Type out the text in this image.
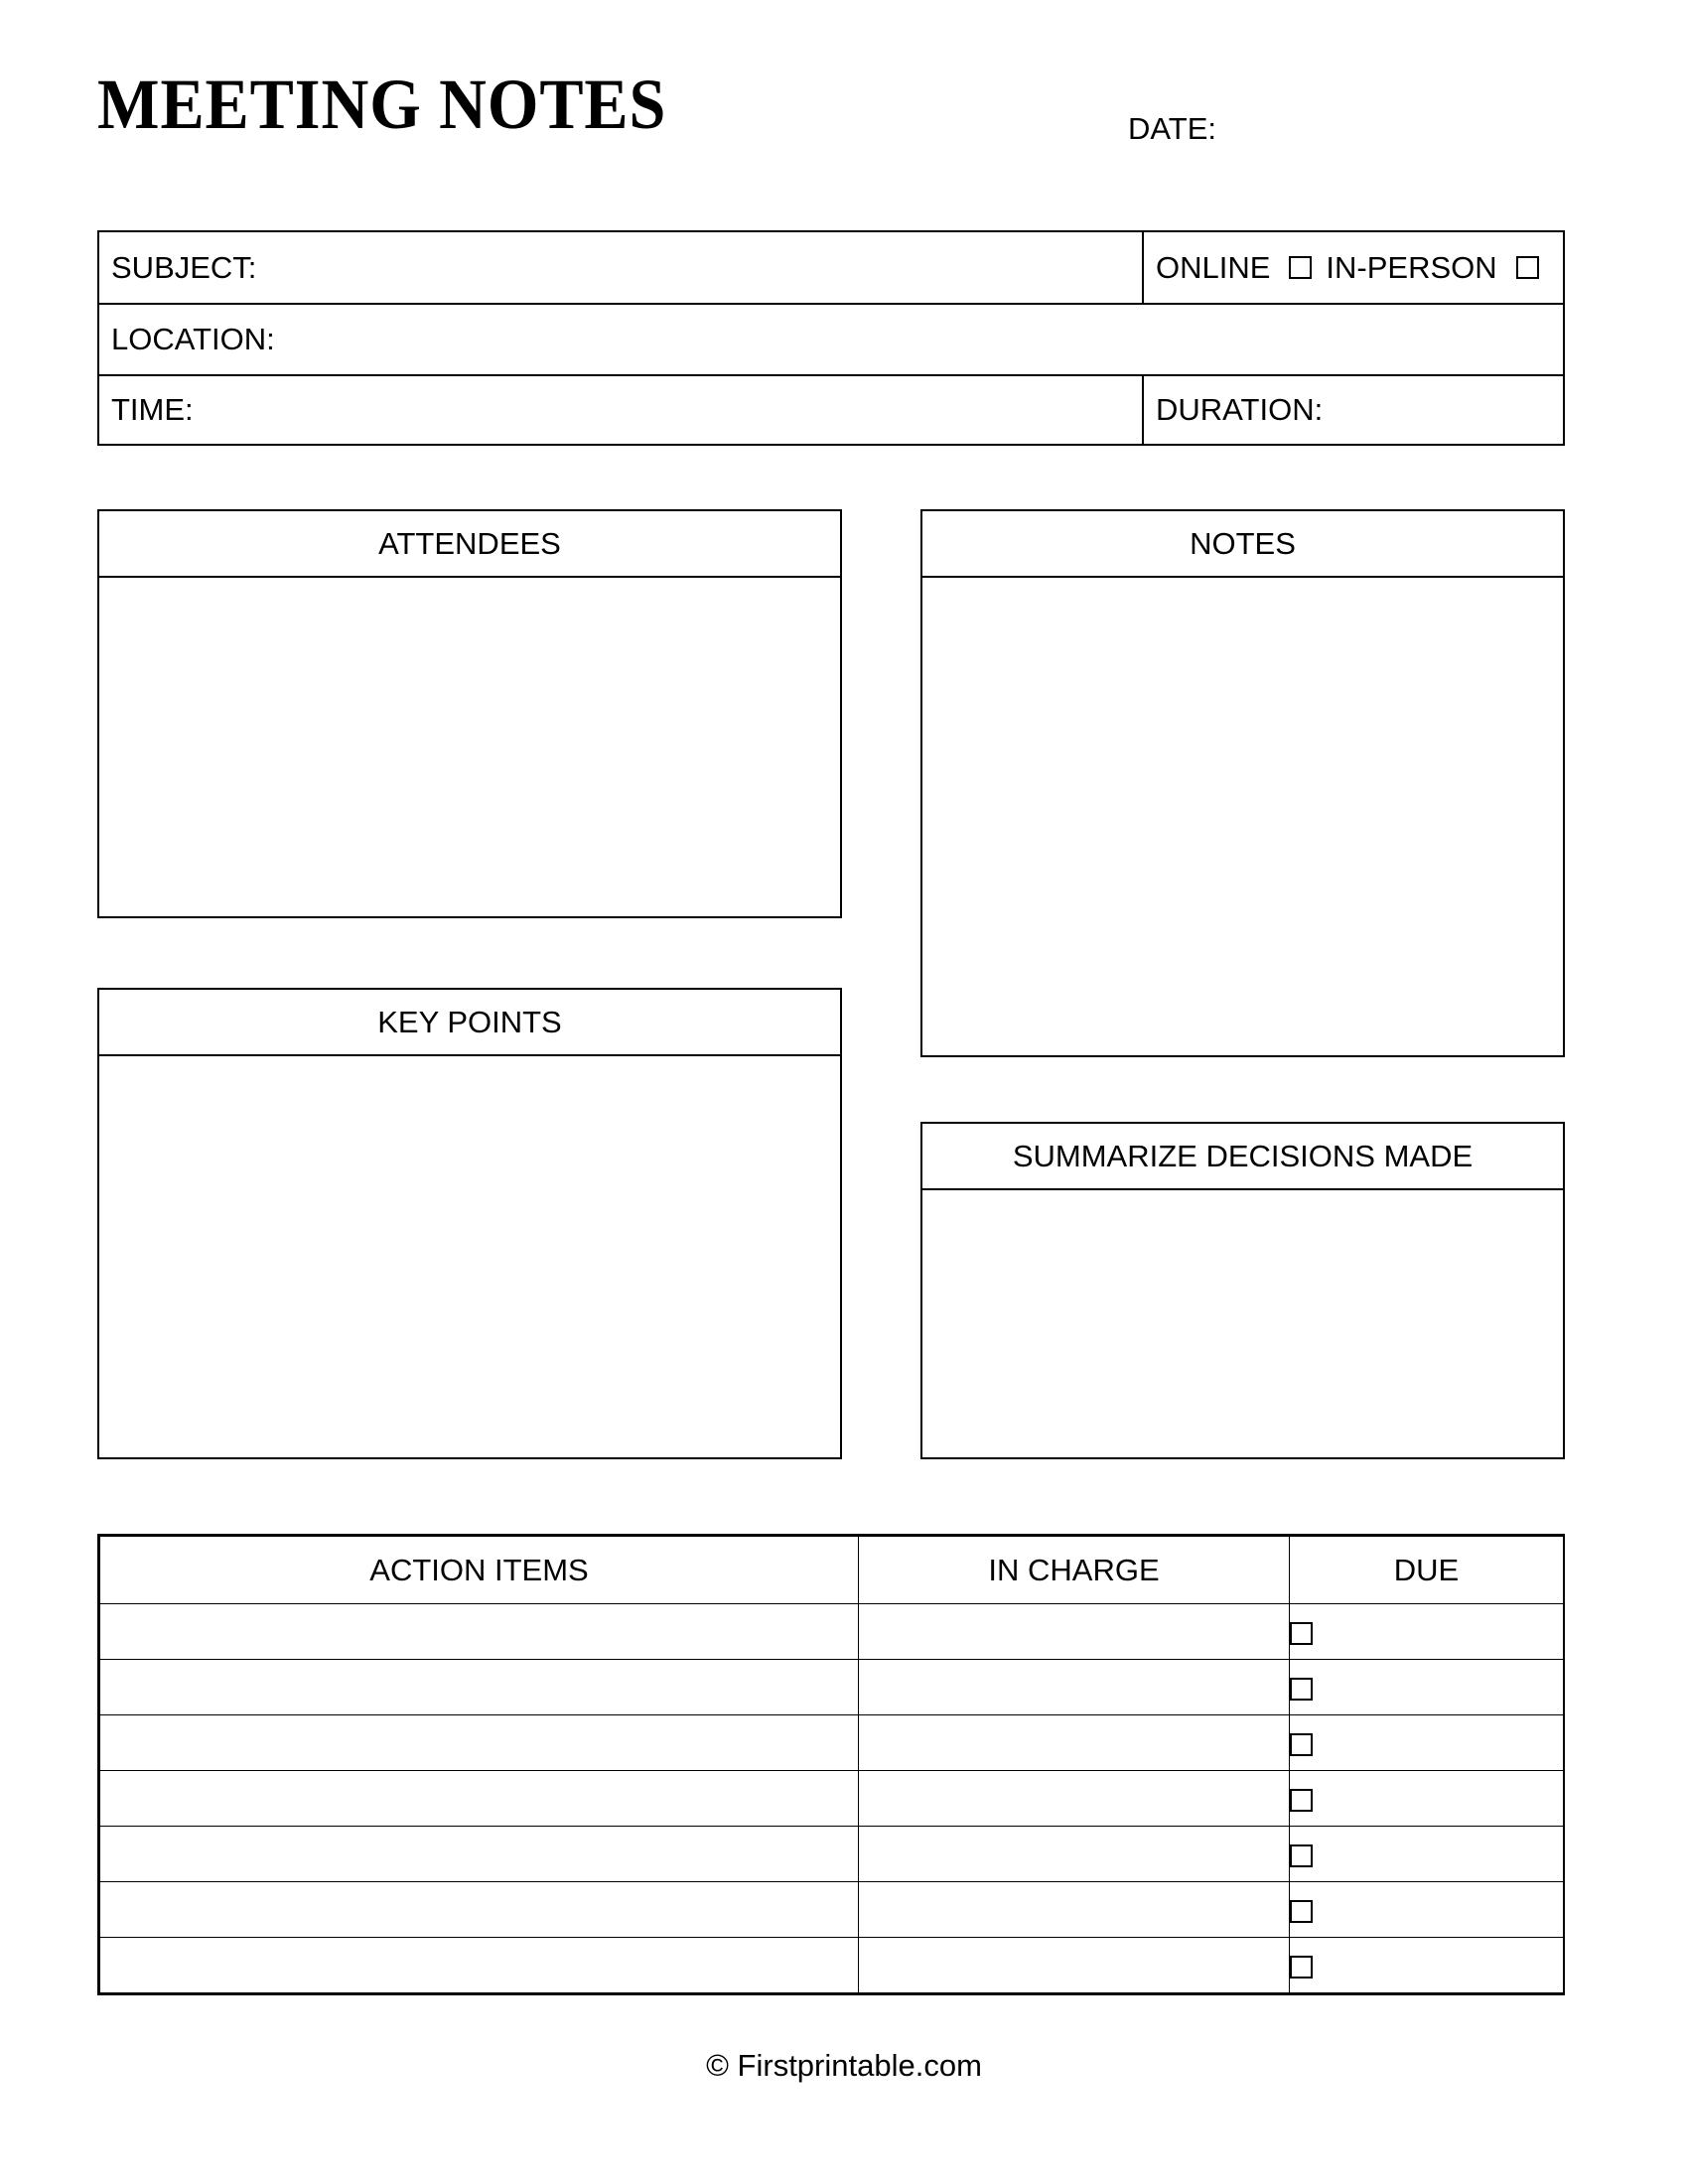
MEETING NOTES	DATE:
SUBJECT:	ONLINE IN-PERSON
LOCATION:
TIME:	DURATION:
ATTENDEES
KEY POINTS
NOTES
SUMMARIZE DECISIONS MADE
ACTION ITEMS	IN CHARGE	DUE

© Firstprintable.com
